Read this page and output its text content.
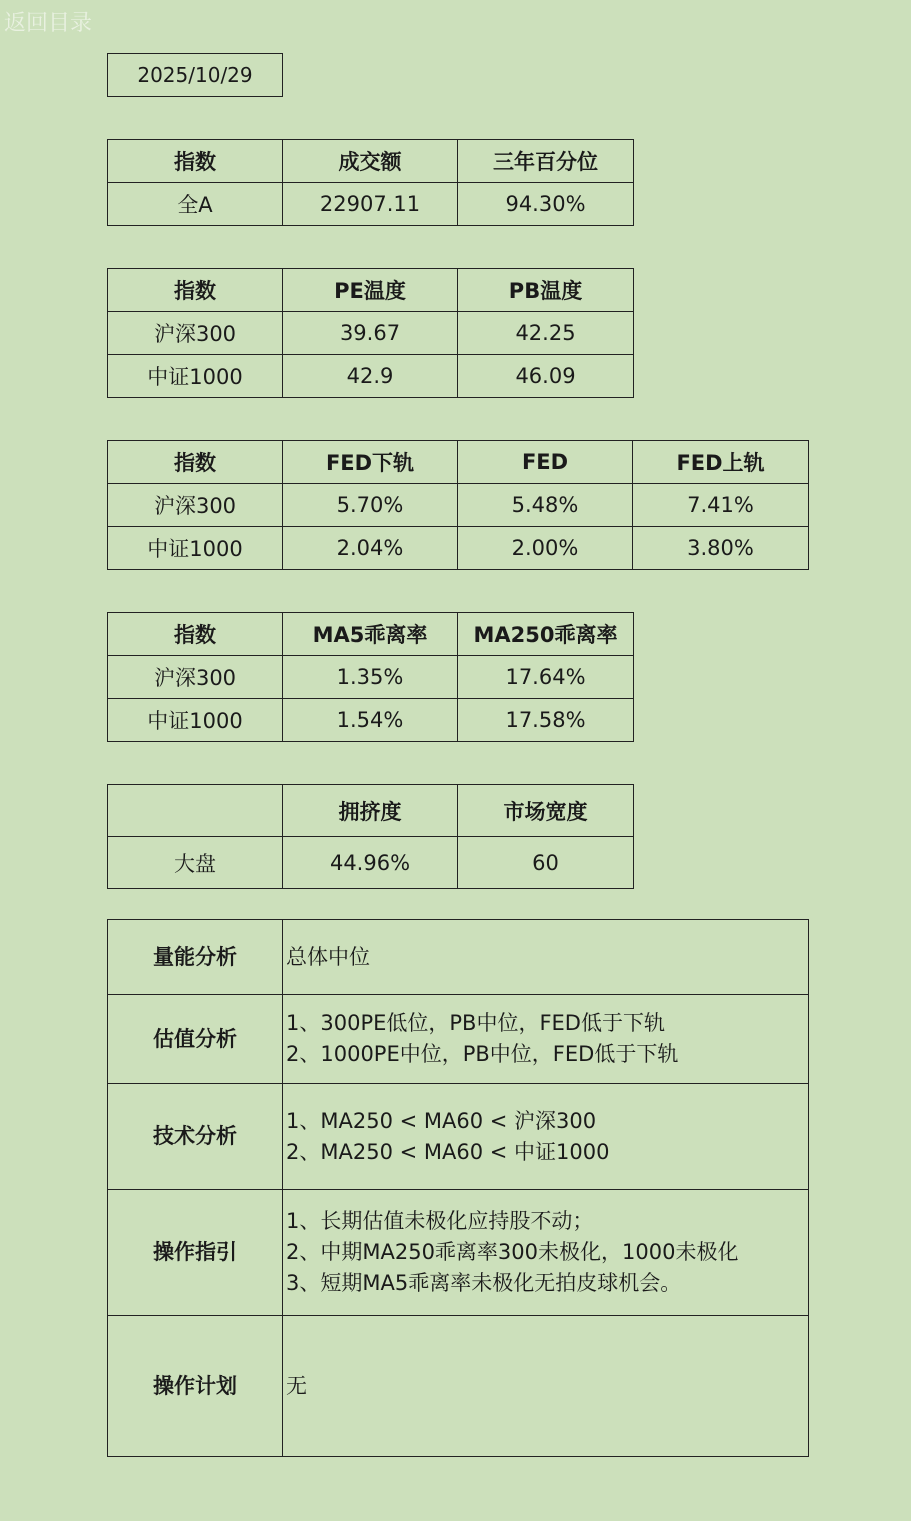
返回目录
2025/10/29
指数	成交额	三年百分位
全A	22907.11	94.30%
指数	PE温度	PB温度
沪深300	39.67	42.25
中证1000	42.9	46.09
指数	FED下轨	FED	FED上轨
沪深300	5.70%	5.48%	7.41%
中证1000	2.04%	2.00%	3.80%
指数	MA5乖离率	MA250乖离率
沪深300	1.35%	17.64%
中证1000	1.54%	17.58%
	拥挤度	市场宽度
大盘	44.96%	60
量能分析	总体中位

估值分析	1、300PE低位，PB中位，FED低于下轨
2、1000PE中位，PB中位，FED低于下轨

技术分析	1、MA250 < MA60 < 沪深300
2、MA250 < MA60 < 中证1000

操作指引	1、长期估值未极化应持股不动；
2、中期MA250乖离率300未极化，1000未极化
3、短期MA5乖离率未极化无拍皮球机会。

操作计划	无
